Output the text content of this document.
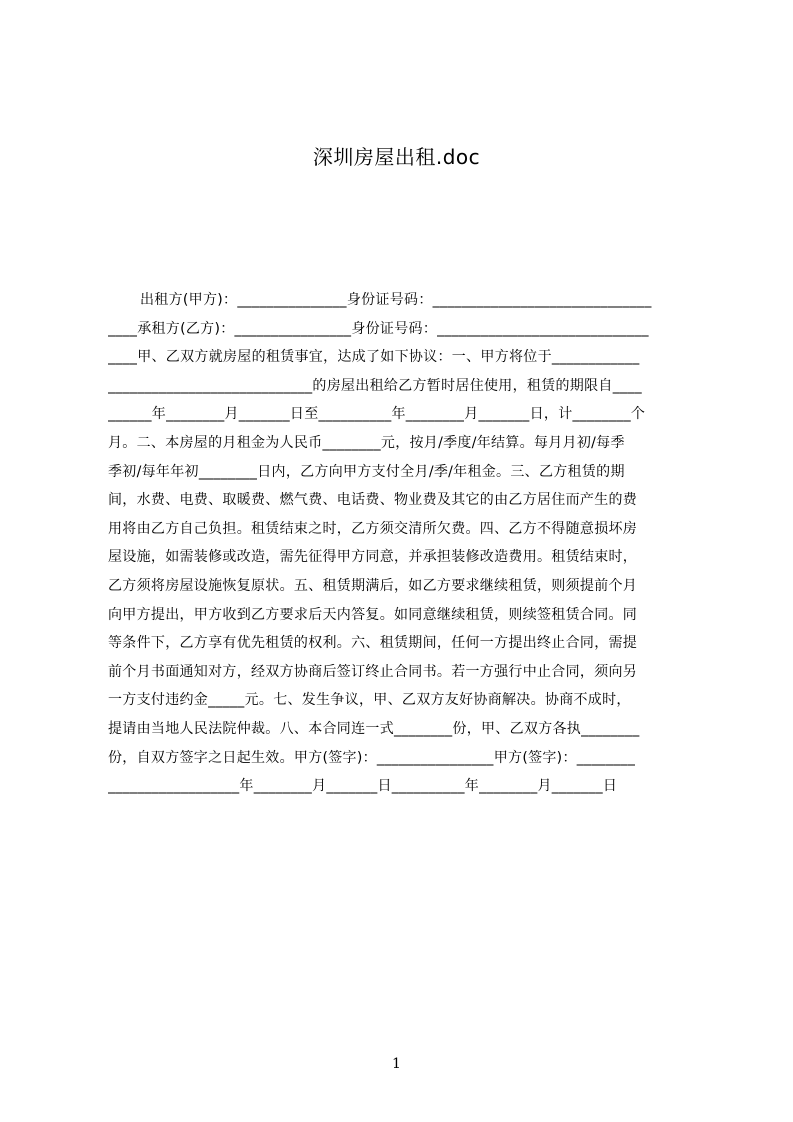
深圳房屋出租.doc
出租方(甲方)：_______________身份证号码：______________________________
____承租方(乙方)：________________身份证号码：_____________________________
____甲、乙双方就房屋的租赁事宜，达成了如下协议：一、甲方将位于____________
____________________________的房屋出租给乙方暂时居住使用，租赁的期限自____
______年________月_______日至__________年________月_______日，计________个
月。二、本房屋的月租金为人民币________元，按月/季度/年结算。每月月初/每季
季初/每年年初________日内，乙方向甲方支付全月/季/年租金。三、乙方租赁的期
间，水费、电费、取暖费、燃气费、电话费、物业费及其它的由乙方居住而产生的费
用将由乙方自己负担。租赁结束之时，乙方须交清所欠费。四、乙方不得随意损坏房
屋设施，如需装修或改造，需先征得甲方同意，并承担装修改造费用。租赁结束时，
乙方须将房屋设施恢复原状。五、租赁期满后，如乙方要求继续租赁，则须提前个月
向甲方提出，甲方收到乙方要求后天内答复。如同意继续租赁，则续签租赁合同。同
等条件下，乙方享有优先租赁的权利。六、租赁期间，任何一方提出终止合同，需提
前个月书面通知对方，经双方协商后签订终止合同书。若一方强行中止合同，须向另
一方支付违约金_____元。七、发生争议，甲、乙双方友好协商解决。协商不成时，
提请由当地人民法院仲裁。八、本合同连一式________份，甲、乙双方各执________
份，自双方签字之日起生效。甲方(签字)：________________甲方(签字)：________
__________________年________月_______日__________年________月_______日
1
